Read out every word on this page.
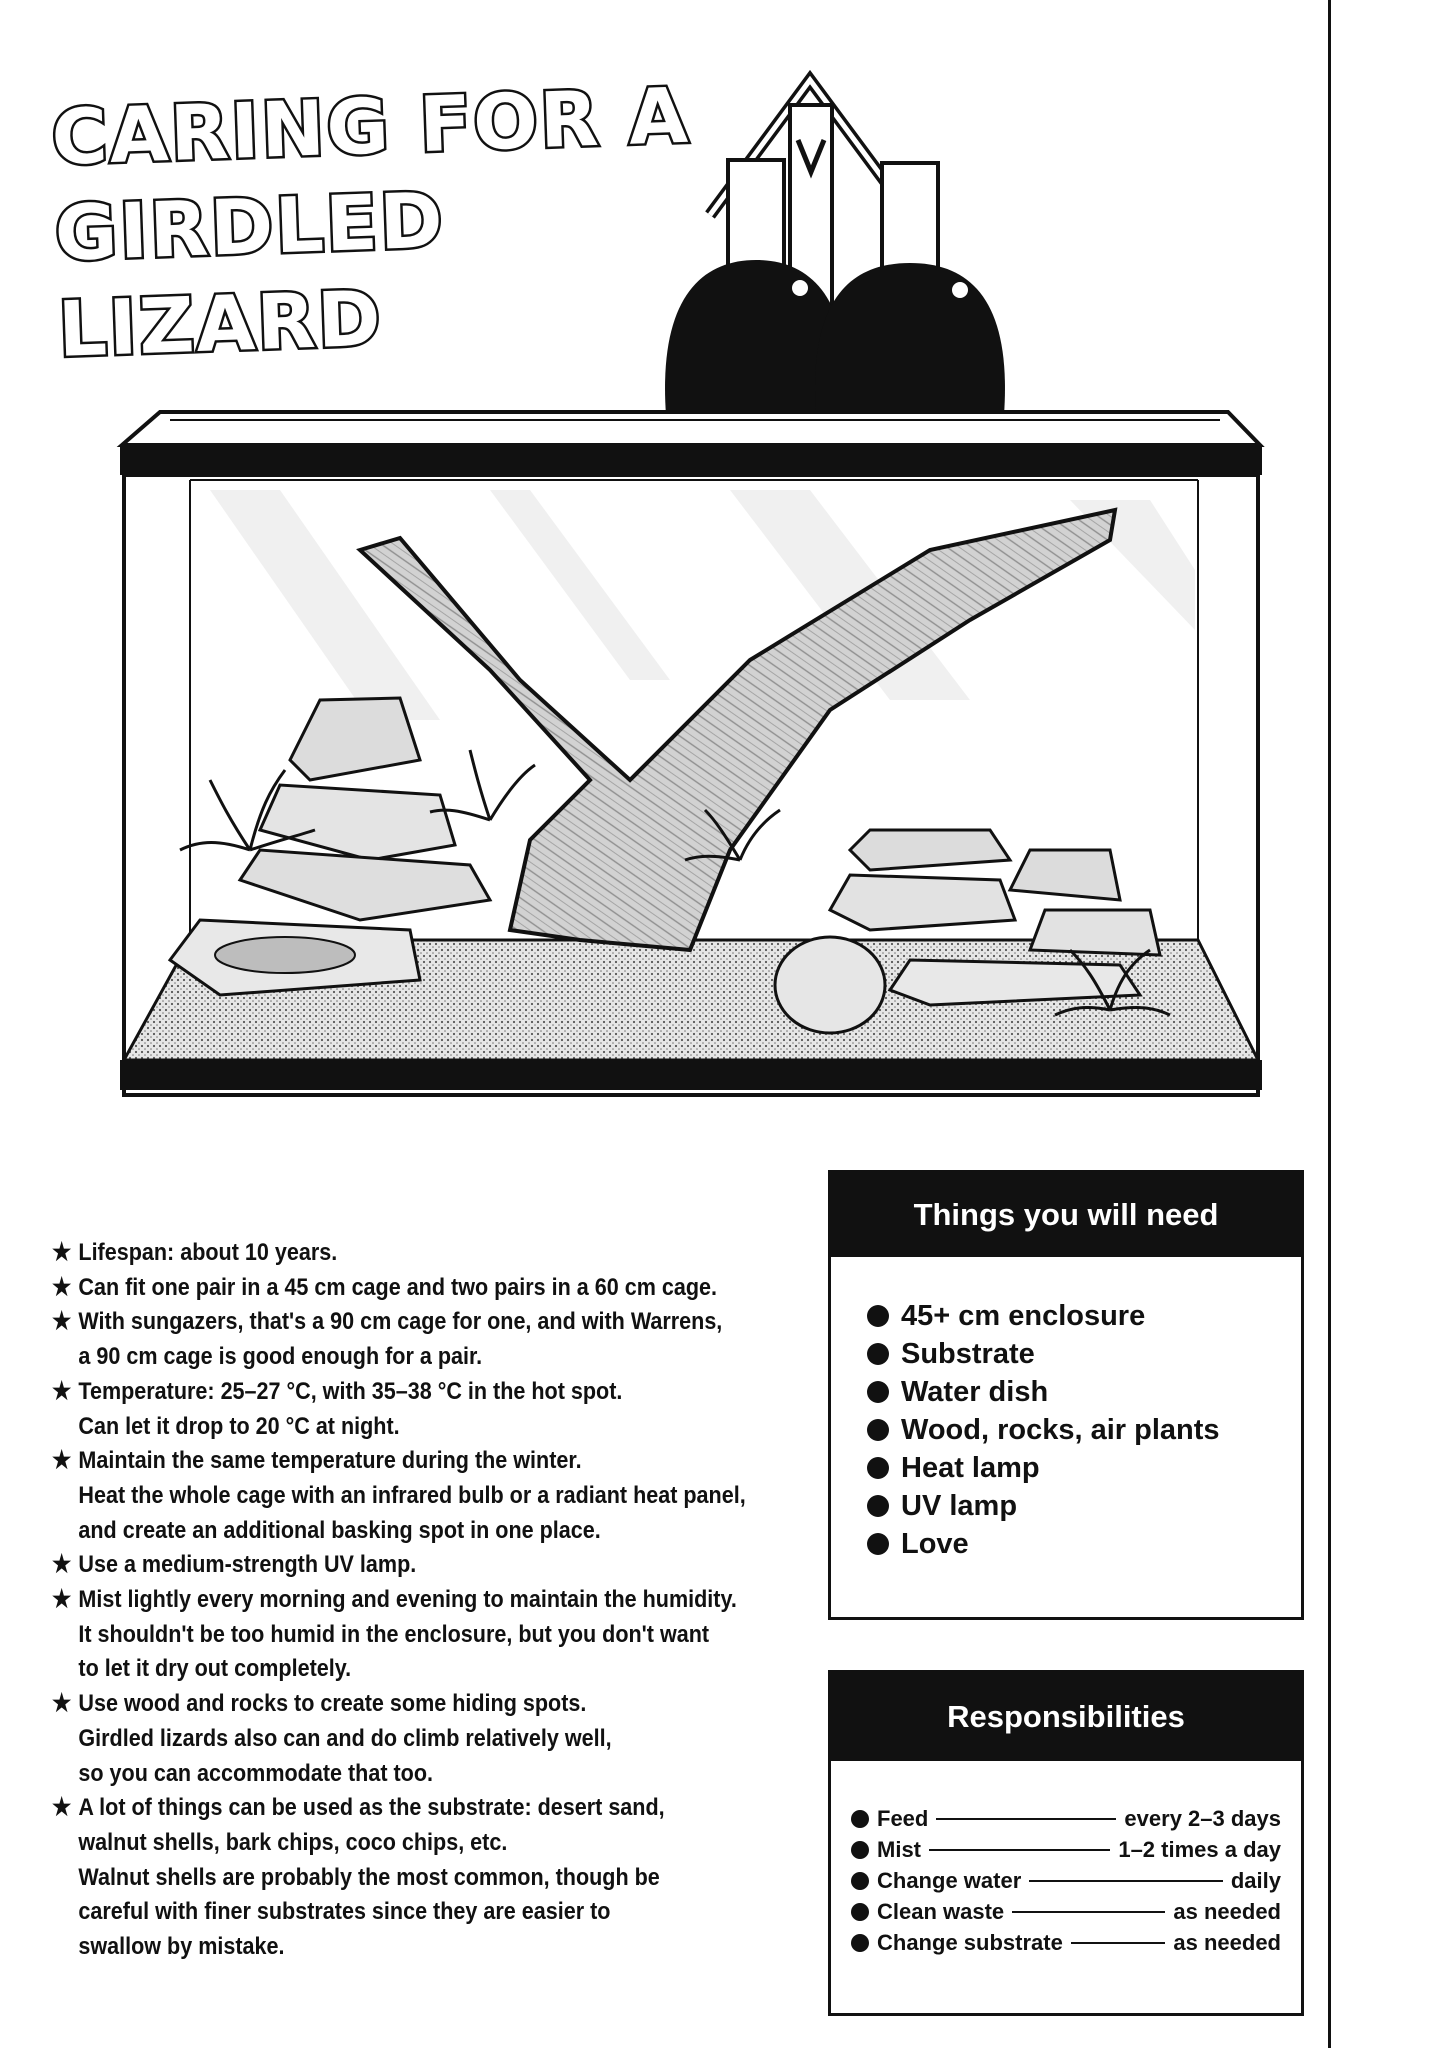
CARING FOR A
GIRDLED LIZARD
★ Lifespan: about 10 years.
★ Can fit one pair in a 45 cm cage and two pairs in a 60 cm cage.
★ With sungazers, that's a 90 cm cage for one, and with Warrens,
a 90 cm cage is good enough for a pair.
★ Temperature: 25–27 °C, with 35–38 °C in the hot spot.
Can let it drop to 20 °C at night.
★ Maintain the same temperature during the winter.
Heat the whole cage with an infrared bulb or a radiant heat panel,
and create an additional basking spot in one place.
★ Use a medium-strength UV lamp.
★ Mist lightly every morning and evening to maintain the humidity.
It shouldn't be too humid in the enclosure, but you don't want
to let it dry out completely.
★ Use wood and rocks to create some hiding spots.
Girdled lizards also can and do climb relatively well,
so you can accommodate that too.
★ A lot of things can be used as the substrate: desert sand,
walnut shells, bark chips, coco chips, etc.
Walnut shells are probably the most common, though be
careful with finer substrates since they are easier to
swallow by mistake.
Things you will need
45+ cm enclosure
Substrate
Water dish
Wood, rocks, air plants
Heat lamp
UV lamp
Love
Responsibilities
Feed	every 2–3 days
Mist	1–2 times a day
Change water	daily
Clean waste	as needed
Change substrate	as needed
